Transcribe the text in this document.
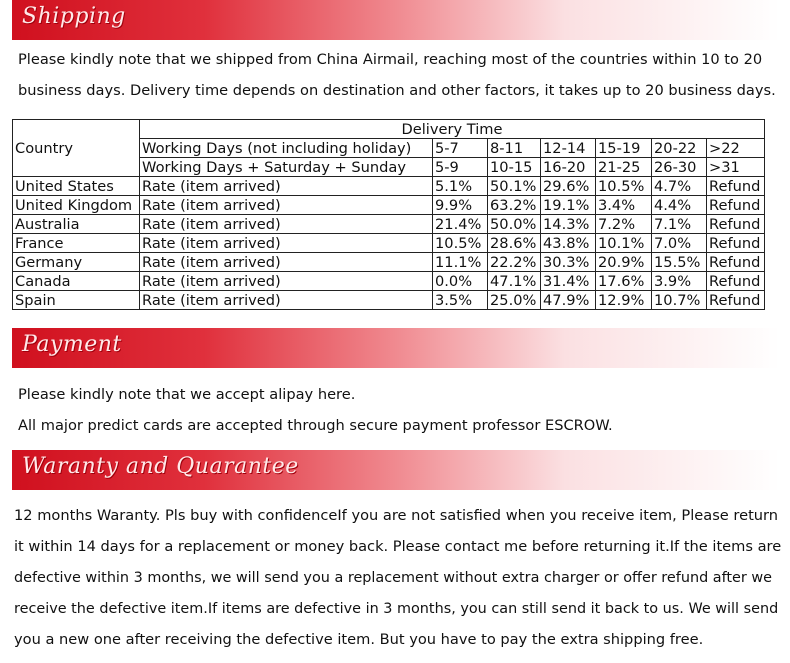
Shipping
Please kindly note that we shipped from China Airmail, reaching most of the countries within 10 to 20
business days. Delivery time depends on destination and other factors, it takes up to 20 business days.
Country	Delivery Time						
	Working Days (not including holiday)	5-7	8-11	12-14	15-19	20-22	>22
	Working Days + Saturday + Sunday	5-9	10-15	16-20	21-25	26-30	>31
United States	Rate (item arrived)	5.1%	50.1%	29.6%	10.5%	4.7%	Refund
United Kingdom	Rate (item arrived)	9.9%	63.2%	19.1%	3.4%	4.4%	Refund
Australia	Rate (item arrived)	21.4%	50.0%	14.3%	7.2%	7.1%	Refund
France	Rate (item arrived)	10.5%	28.6%	43.8%	10.1%	7.0%	Refund
Germany	Rate (item arrived)	11.1%	22.2%	30.3%	20.9%	15.5%	Refund
Canada	Rate (item arrived)	0.0%	47.1%	31.4%	17.6%	3.9%	Refund
Spain	Rate (item arrived)	3.5%	25.0%	47.9%	12.9%	10.7%	Refund
Payment
Please kindly note that we accept alipay here.
All major predict cards are accepted through secure payment professor ESCROW.
Waranty and Quarantee
12 months Waranty. Pls buy with confidenceIf you are not satisfied when you receive item, Please return
it within 14 days for a replacement or money back. Please contact me before returning it.If the items are
defective within 3 months, we will send you a replacement without extra charger or offer refund after we
receive the defective item.If items are defective in 3 months, you can still send it back to us. We will send
you a new one after receiving the defective item. But you have to pay the extra shipping free.
